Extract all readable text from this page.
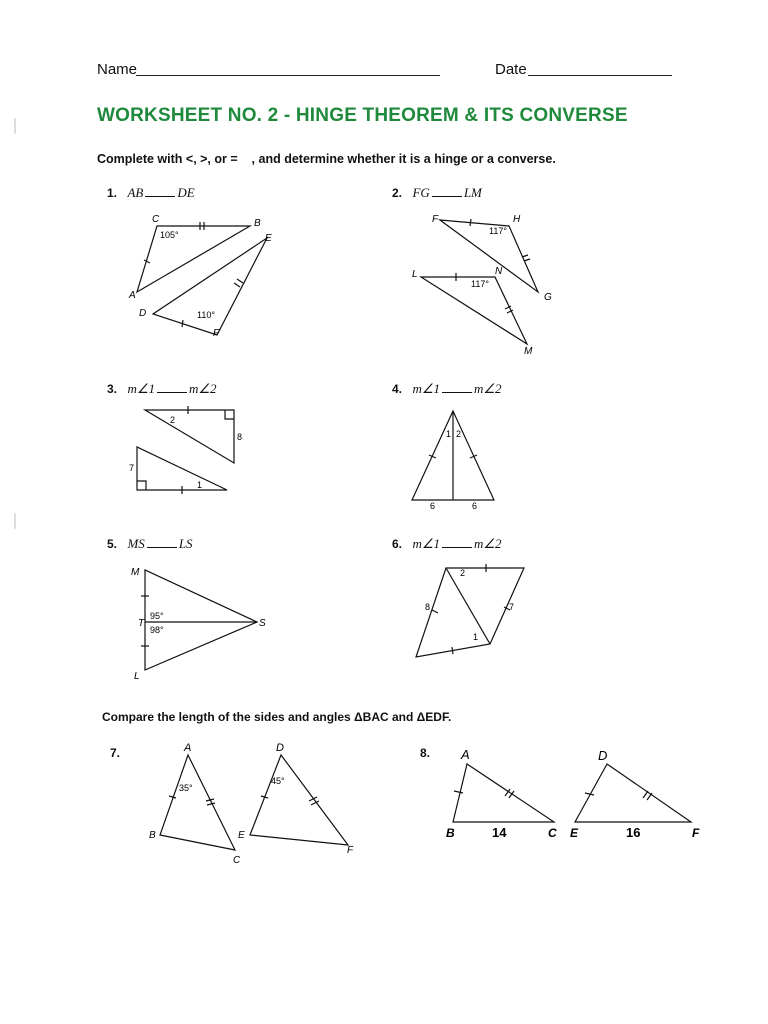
Name	Date
WORKSHEET NO. 2 - HINGE THEOREM & ITS CONVERSE
Complete with <, >, or =    , and determine whether it is a hinge or a converse.
1. AB	DE	2. FG	LM
3. m∠1	m∠2	4. m∠1	m∠2
5. MS	LS	6. m∠1	m∠2
C	B
A
E
D
F
105°
110°
F	H
L	N
G
M
117°
117°
2
8
7
1
1 2
6	6
M
T	S
L
95°
98°
2
8	7
1
Compare the length of the sides and angles ΔBAC and ΔEDF.
7.	A
B
C
D
E
F
35°
45°
8. A
B	C
D
E	F
14	16
